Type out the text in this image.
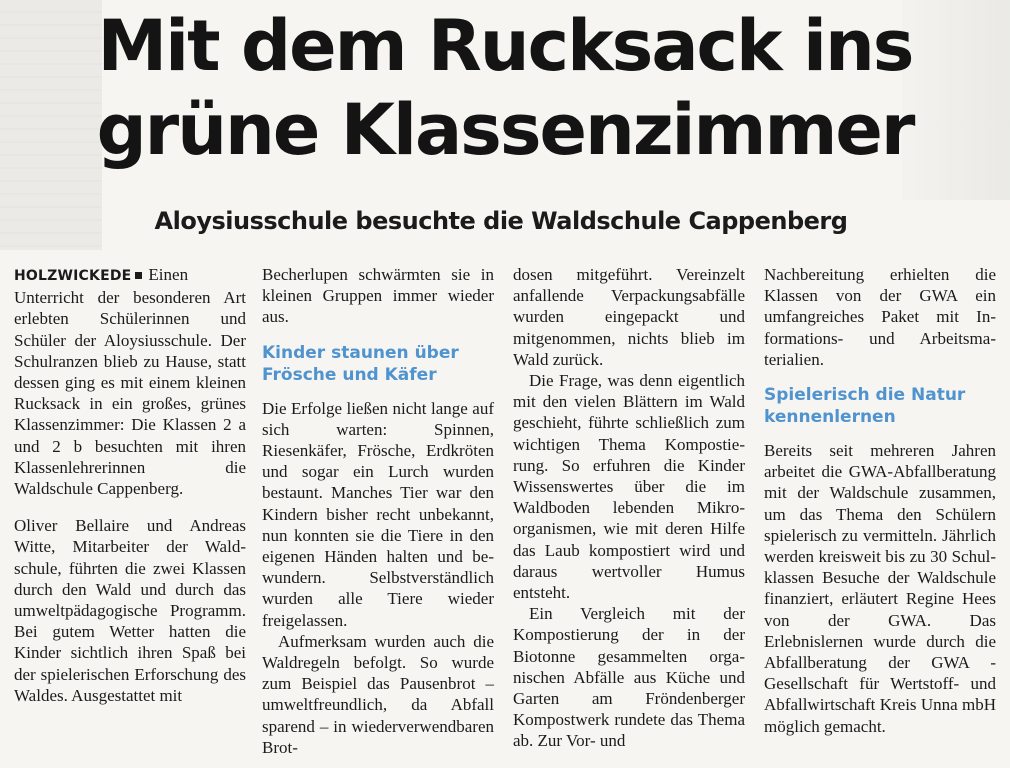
Mit dem Rucksack ins
grüne Klassenzimmer
Aloysiusschule besuchte die Waldschule Cappenberg

HOLZWICKEDE Einen Unterricht der besonderen Art erlebten Schülerinnen und Schüler der Aloysiusschule. Der Schulranzen blieb zu Hause, statt dessen ging es mit einem kleinen Rucksack in ein großes, grünes Klassenzimmer: Die Klassen 2 a und 2 b besuchten mit ihren Klassenlehrerinnen die Waldschule Cappenberg.

Oliver Bellaire und Andreas Witte, Mitarbeiter der Waldschule, führten die zwei Klassen durch den Wald und durch das umweltpädagogische Programm. Bei gutem Wetter hatten die Kinder sichtlich ihren Spaß bei der spielerischen Erforschung des Waldes. Ausgestattet mit

Becherlupen schwärmten sie in kleinen Gruppen immer wieder aus.

Kinder staunen über Frösche und Käfer

Die Erfolge ließen nicht lange auf sich warten: Spinnen, Riesenkäfer, Frösche, Erdkröten und sogar ein Lurch wurden bestaunt. Manches Tier war den Kindern bisher recht unbekannt, nun konnten sie die Tiere in den eigenen Händen halten und bewundern. Selbstverständlich wurden alle Tiere wieder freigelassen.

Aufmerksam wurden auch die Waldregeln befolgt. So wurde zum Beispiel das Pausenbrot – umweltfreundlich, da Abfall sparend – in wiederverwendbaren Brot-

dosen mitgeführt. Vereinzelt anfallende Verpackungsabfälle wurden eingepackt und mitgenommen, nichts blieb im Wald zurück.

Die Frage, was denn eigentlich mit den vielen Blättern im Wald geschieht, führte schließlich zum wichtigen Thema Kompostierung. So erfuhren die Kinder Wissenswertes über die im Waldboden lebenden Mikroorganismen, wie mit deren Hilfe das Laub kompostiert wird und daraus wertvoller Humus entsteht.

Ein Vergleich mit der Kompostierung der in der Biotonne gesammelten organischen Abfälle aus Küche und Garten am Fröndenberger Kompostwerk rundete das Thema ab. Zur Vor- und

Nachbereitung erhielten die Klassen von der GWA ein umfangreiches Paket mit Informations- und Arbeitsmaterialien.

Spielerisch die Natur kennenlernen

Bereits seit mehreren Jahren arbeitet die GWA-Abfallberatung mit der Waldschule zusammen, um das Thema den Schülern spielerisch zu vermitteln. Jährlich werden kreisweit bis zu 30 Schulklassen Besuche der Waldschule finanziert, erläutert Regine Hees von der GWA. Das Erlebnislernen wurde durch die Abfallberatung der GWA - Gesellschaft für Wertstoff- und Abfallwirtschaft Kreis Unna mbH möglich gemacht.
